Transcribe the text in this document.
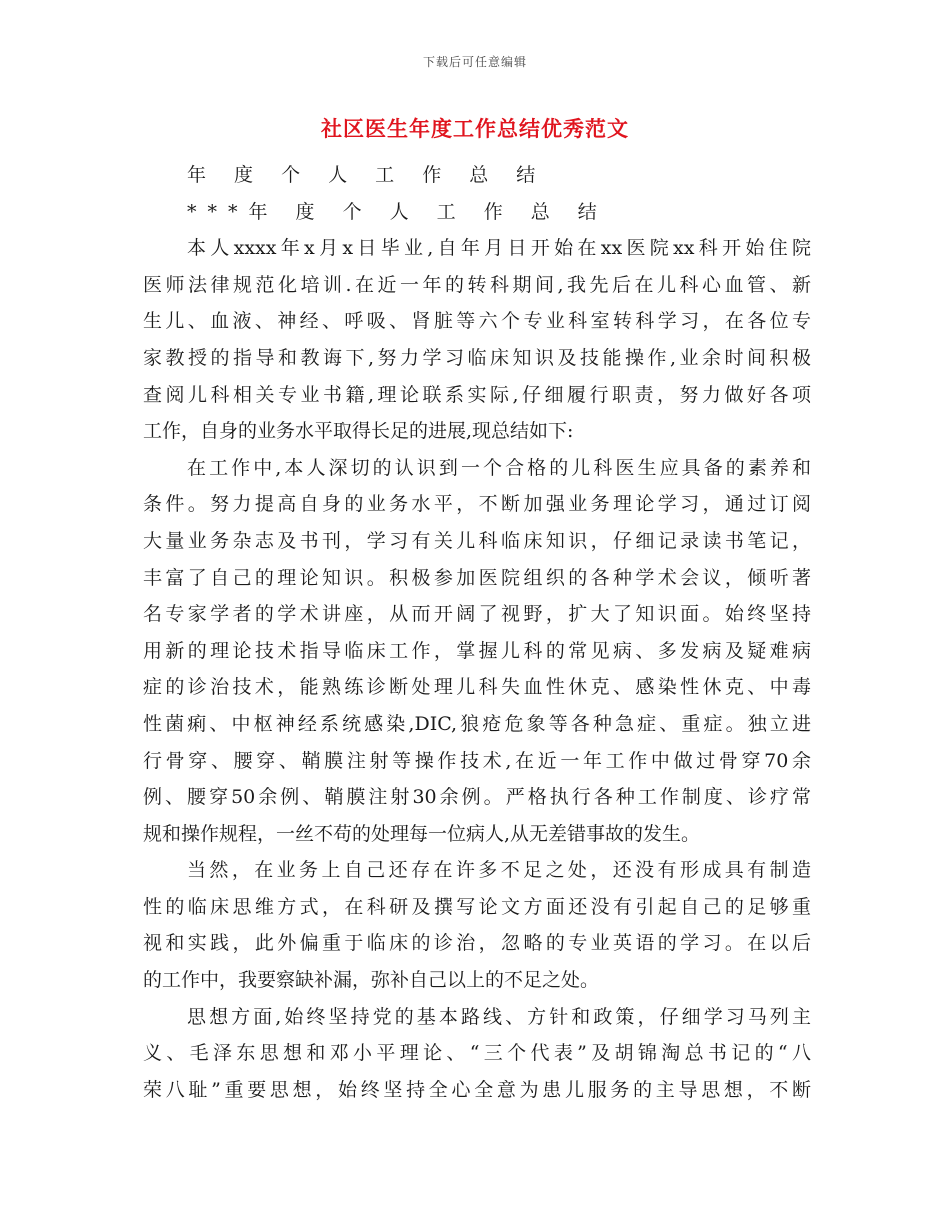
下载后可任意编辑
社区医生年度工作总结优秀范文
年 度 个 人 工 作 总 结
***年 度 个 人 工 作 总 结
本人xxxx年x月x日毕业,自年月日开始在xx医院xx科开始住院
医师法律规范化培训.在近一年的转科期间,我先后在儿科心血管、新
生儿、血液、神经、呼吸、肾脏等六个专业科室转科学习，在各位专
家教授的指导和教诲下,努力学习临床知识及技能操作,业余时间积极
查阅儿科相关专业书籍,理论联系实际,仔细履行职责，努力做好各项
工作，自身的业务水平取得长足的进展,现总结如下:
在工作中,本人深切的认识到一个合格的儿科医生应具备的素养和
条件。努力提高自身的业务水平，不断加强业务理论学习，通过订阅
大量业务杂志及书刊，学习有关儿科临床知识，仔细记录读书笔记，
丰富了自己的理论知识。积极参加医院组织的各种学术会议，倾听著
名专家学者的学术讲座，从而开阔了视野，扩大了知识面。始终坚持
用新的理论技术指导临床工作，掌握儿科的常见病、多发病及疑难病
症的诊治技术，能熟练诊断处理儿科失血性休克、感染性休克、中毒
性菌痢、中枢神经系统感染,DIC,狼疮危象等各种急症、重症。独立进
行骨穿、腰穿、鞘膜注射等操作技术,在近一年工作中做过骨穿70余
例、腰穿50余例、鞘膜注射30余例。严格执行各种工作制度、诊疗常
规和操作规程，一丝不苟的处理每一位病人,从无差错事故的发生。
当然，在业务上自己还存在许多不足之处，还没有形成具有制造
性的临床思维方式，在科研及撰写论文方面还没有引起自己的足够重
视和实践，此外偏重于临床的诊治，忽略的专业英语的学习。在以后
的工作中，我要察缺补漏，弥补自己以上的不足之处。
思想方面,始终坚持党的基本路线、方针和政策，仔细学习马列主
义、毛泽东思想和邓小平理论、“三个代表”及胡锦淘总书记的“八
荣八耻”重要思想，始终坚持全心全意为患儿服务的主导思想，不断
